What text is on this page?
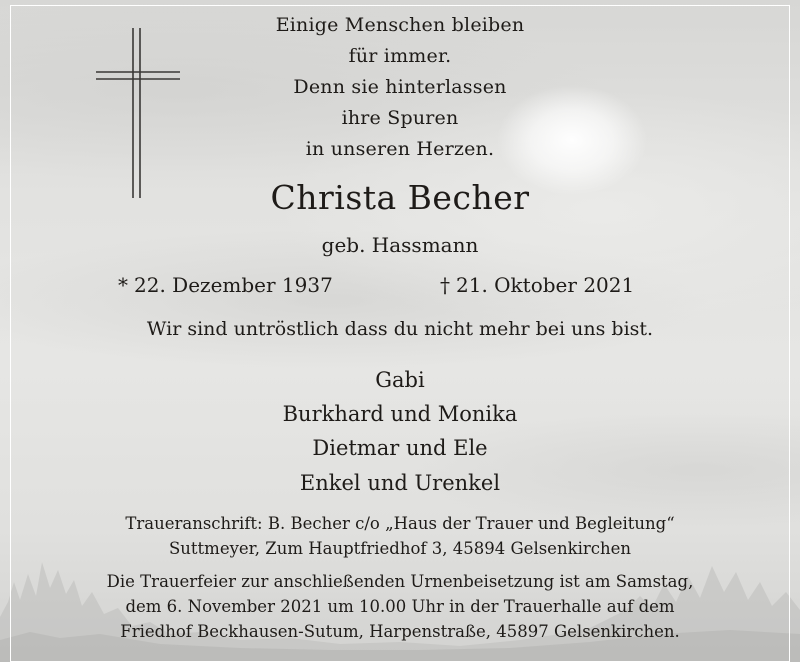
Einige Menschen bleiben

für immer.

Denn sie hinterlassen

ihre Spuren

in unseren Herzen.

Christa Becher

geb. Hassmann

* 22. Dezember 1937	† 21. Oktober 2021

Wir sind untröstlich dass du nicht mehr bei uns bist.

Gabi

Burkhard und Monika

Dietmar und Ele

Enkel und Urenkel

Traueranschrift: B. Becher c/o „Haus der Trauer und Begleitung“

Suttmeyer, Zum Hauptfriedhof 3, 45894 Gelsenkirchen

Die Trauerfeier zur anschließenden Urnenbeisetzung ist am Samstag,

dem 6. November 2021 um 10.00 Uhr in der Trauerhalle auf dem

Friedhof Beckhausen-Sutum, Harpenstraße, 45897 Gelsenkirchen.
